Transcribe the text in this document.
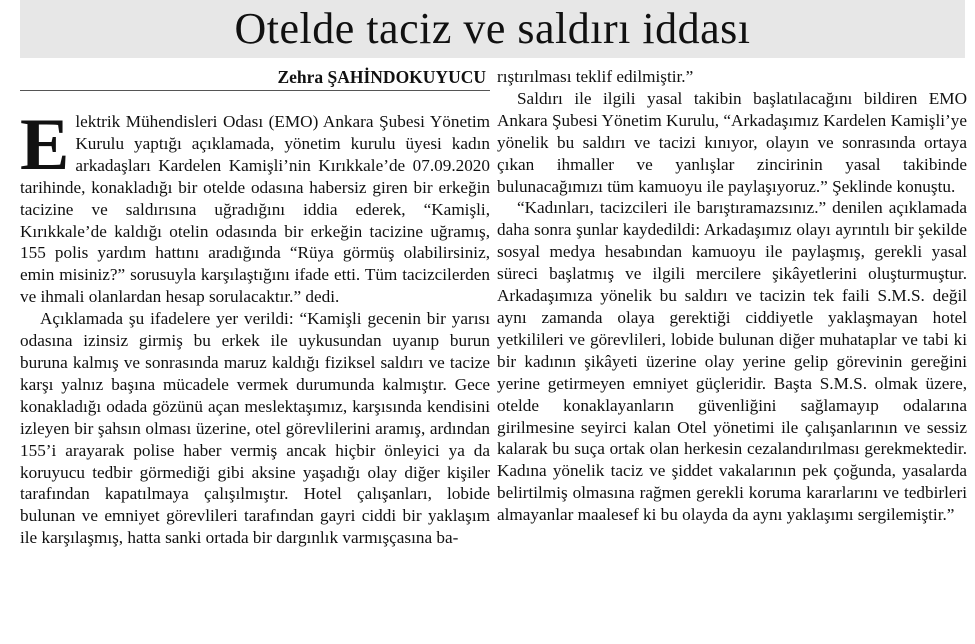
Otelde taciz ve saldırı iddası
Zehra ŞAHİNDOKUYUCU

Elektrik Mühendisleri Odası (EMO) Ankara Şubesi Yönetim Kurulu yaptığı açıklamada, yönetim kurulu üyesi kadın arkadaşları Kardelen Kamişli’nin Kırıkkale’de 07.09.2020 tarihinde, konakladığı bir otelde odasına habersiz giren bir erkeğin tacizine ve saldırısına uğradığını iddia ederek, “Kamişli, Kırıkkale’de kaldığı otelin odasında bir erkeğin tacizine uğramış, 155 polis yardım hattını aradığında “Rüya görmüş olabilirsiniz, emin misiniz?” sorusuyla karşılaştığını ifade etti. Tüm tacizcilerden ve ihmali olanlardan hesap sorulacaktır.” dedi.

Açıklamada şu ifadelere yer verildi: “Kamişli gecenin bir yarısı odasına izinsiz girmiş bu erkek ile uykusundan uyanıp burun buruna kalmış ve sonrasında maruz kaldığı fiziksel saldırı ve tacize karşı yalnız başına mücadele vermek durumunda kalmıştır. Gece konakladığı odada gözünü açan meslektaşımız, karşısında kendisini izleyen bir şahsın olması üzerine, otel görevlilerini aramış, ardından 155’i arayarak polise haber vermiş ancak hiçbir önleyici ya da koruyucu tedbir görmediği gibi aksine yaşadığı olay diğer kişiler tarafından kapatılmaya çalışılmıştır. Hotel çalışanları, lobide bulunan ve emniyet görevlileri tarafından gayri ciddi bir yaklaşım ile karşılaşmış, hatta sanki ortada bir dargınlık varmışçasına ba-

rıştırılması teklif edilmiştir.”

Saldırı ile ilgili yasal takibin başlatılacağını bildiren EMO Ankara Şubesi Yönetim Kurulu, “Arkadaşımız Kardelen Kamişli’ye yönelik bu saldırı ve tacizi kınıyor, olayın ve sonrasında ortaya çıkan ihmaller ve yanlışlar zincirinin yasal takibinde bulunacağımızı tüm kamuoyu ile paylaşıyoruz.” Şeklinde konuştu.

“Kadınları, tacizcileri ile barıştıramazsınız.” denilen açıklamada daha sonra şunlar kaydedildi: Arkadaşımız olayı ayrıntılı bir şekilde sosyal medya hesabından kamuoyu ile paylaşmış, gerekli yasal süreci başlatmış ve ilgili mercilere şikâyetlerini oluşturmuştur. Arkadaşımıza yönelik bu saldırı ve tacizin tek faili S.M.S. değil aynı zamanda olaya gerektiği ciddiyetle yaklaşmayan hotel yetkilileri ve görevlileri, lobide bulunan diğer muhataplar ve tabi ki bir kadının şikâyeti üzerine olay yerine gelip görevinin gereğini yerine getirmeyen emniyet güçleridir. Başta S.M.S. olmak üzere, otelde konaklayanların güvenliğini sağlamayıp odalarına girilmesine seyirci kalan Otel yönetimi ile çalışanlarının ve sessiz kalarak bu suça ortak olan herkesin cezalandırılması gerekmektedir. Kadına yönelik taciz ve şiddet vakalarının pek çoğunda, yasalarda belirtilmiş olmasına rağmen gerekli koruma kararlarını ve tedbirleri almayanlar maalesef ki bu olayda da aynı yaklaşımı sergilemiştir.”
